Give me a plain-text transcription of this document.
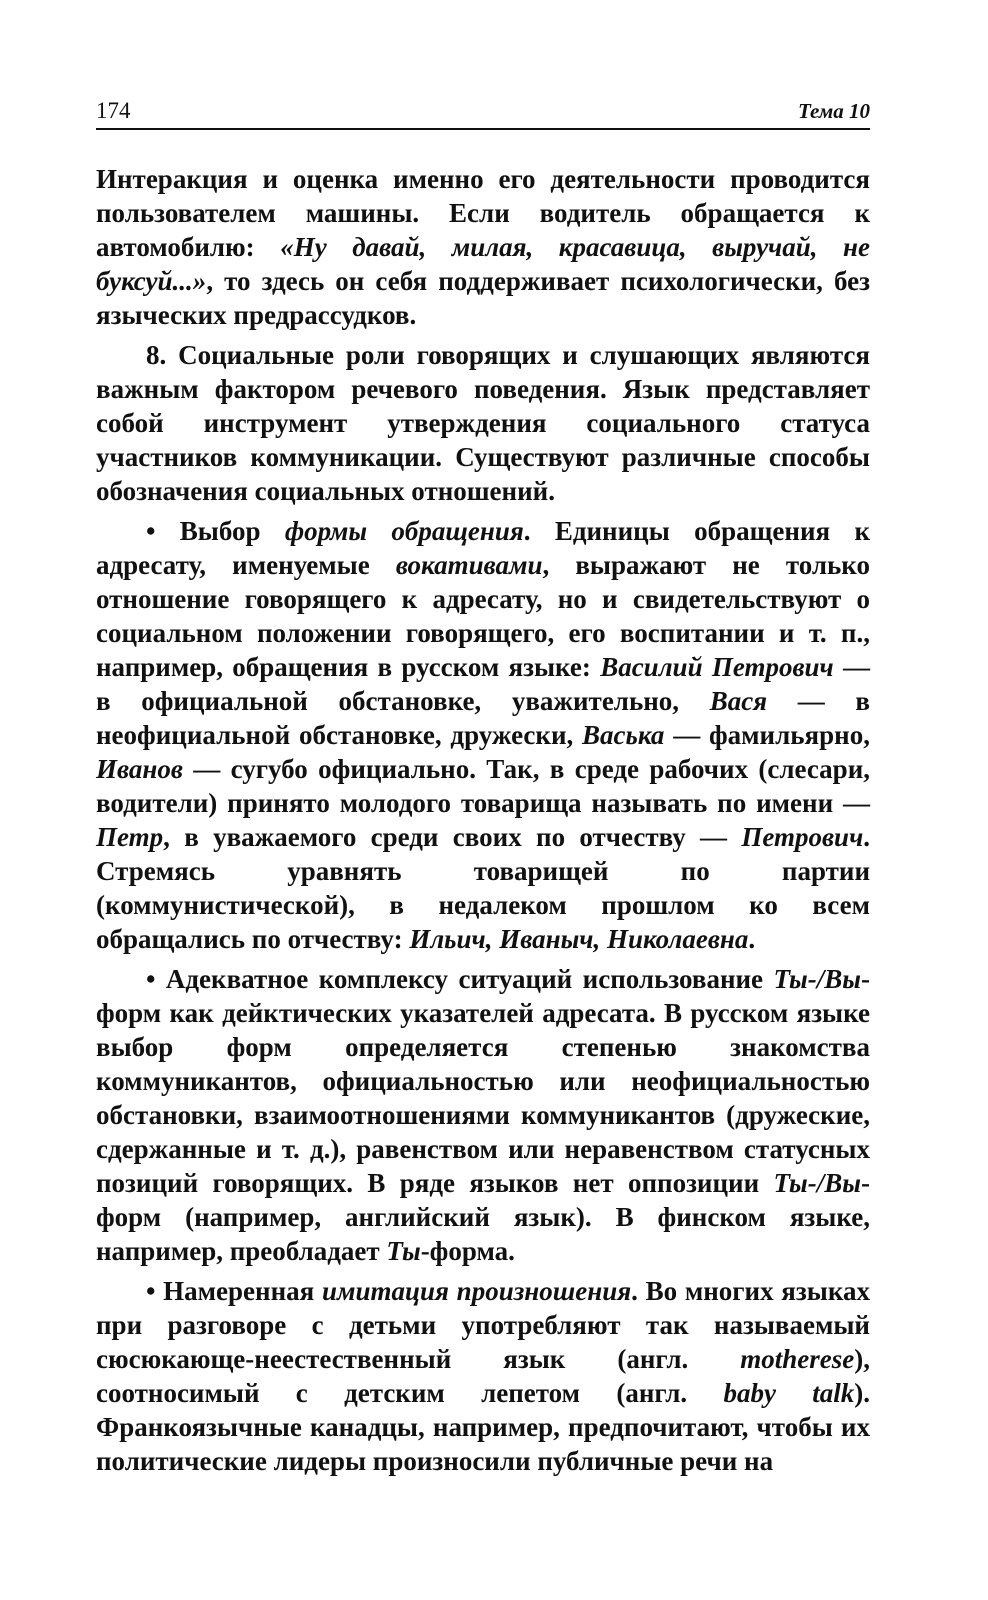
174	Тема 10

Интеракция и оценка именно его деятельности проводится пользователем машины. Если водитель обращается к автомобилю: «Ну давай, милая, красавица, выручай, не буксуй...», то здесь он себя поддерживает психологически, без языческих предрассудков.

8. Социальные роли говорящих и слушающих являются важным фактором речевого поведения. Язык представляет собой инструмент утверждения социального статуса участников коммуникации. Существуют различные способы обозначения социальных отношений.

• Выбор формы обращения. Единицы обращения к адресату, именуемые вокативами, выражают не только отношение говорящего к адресату, но и свидетельствуют о социальном положении говорящего, его воспитании и т. п., например, обращения в русском языке: Василий Петрович — в официальной обстановке, уважительно, Вася — в неофициальной обстановке, дружески, Васька — фамильярно, Иванов — сугубо официально. Так, в среде рабочих (слесари, водители) принято молодого товарища называть по имени — Петр, в уважаемого среди своих по отчеству — Петрович. Стремясь уравнять товарищей по партии (коммунистической), в недалеком прошлом ко всем обращались по отчеству: Ильич, Иваныч, Николаевна.

• Адекватное комплексу ситуаций использование Ты-/Вы-форм как дейктических указателей адресата. В русском языке выбор форм определяется степенью знакомства коммуникантов, официальностью или неофициальностью обстановки, взаимоотношениями коммуникантов (дружеские, сдержанные и т. д.), равенством или неравенством статусных позиций говорящих. В ряде языков нет оппозиции Ты-/Вы-форм (например, английский язык). В финском языке, например, преобладает Ты-форма.

• Намеренная имитация произношения. Во многих языках при разговоре с детьми употребляют так называемый сюсюкающе-неестественный язык (англ. motherese), соотносимый с детским лепетом (англ. baby talk). Франкоязычные канадцы, например, предпочитают, чтобы их политические лидеры произносили публичные речи на
